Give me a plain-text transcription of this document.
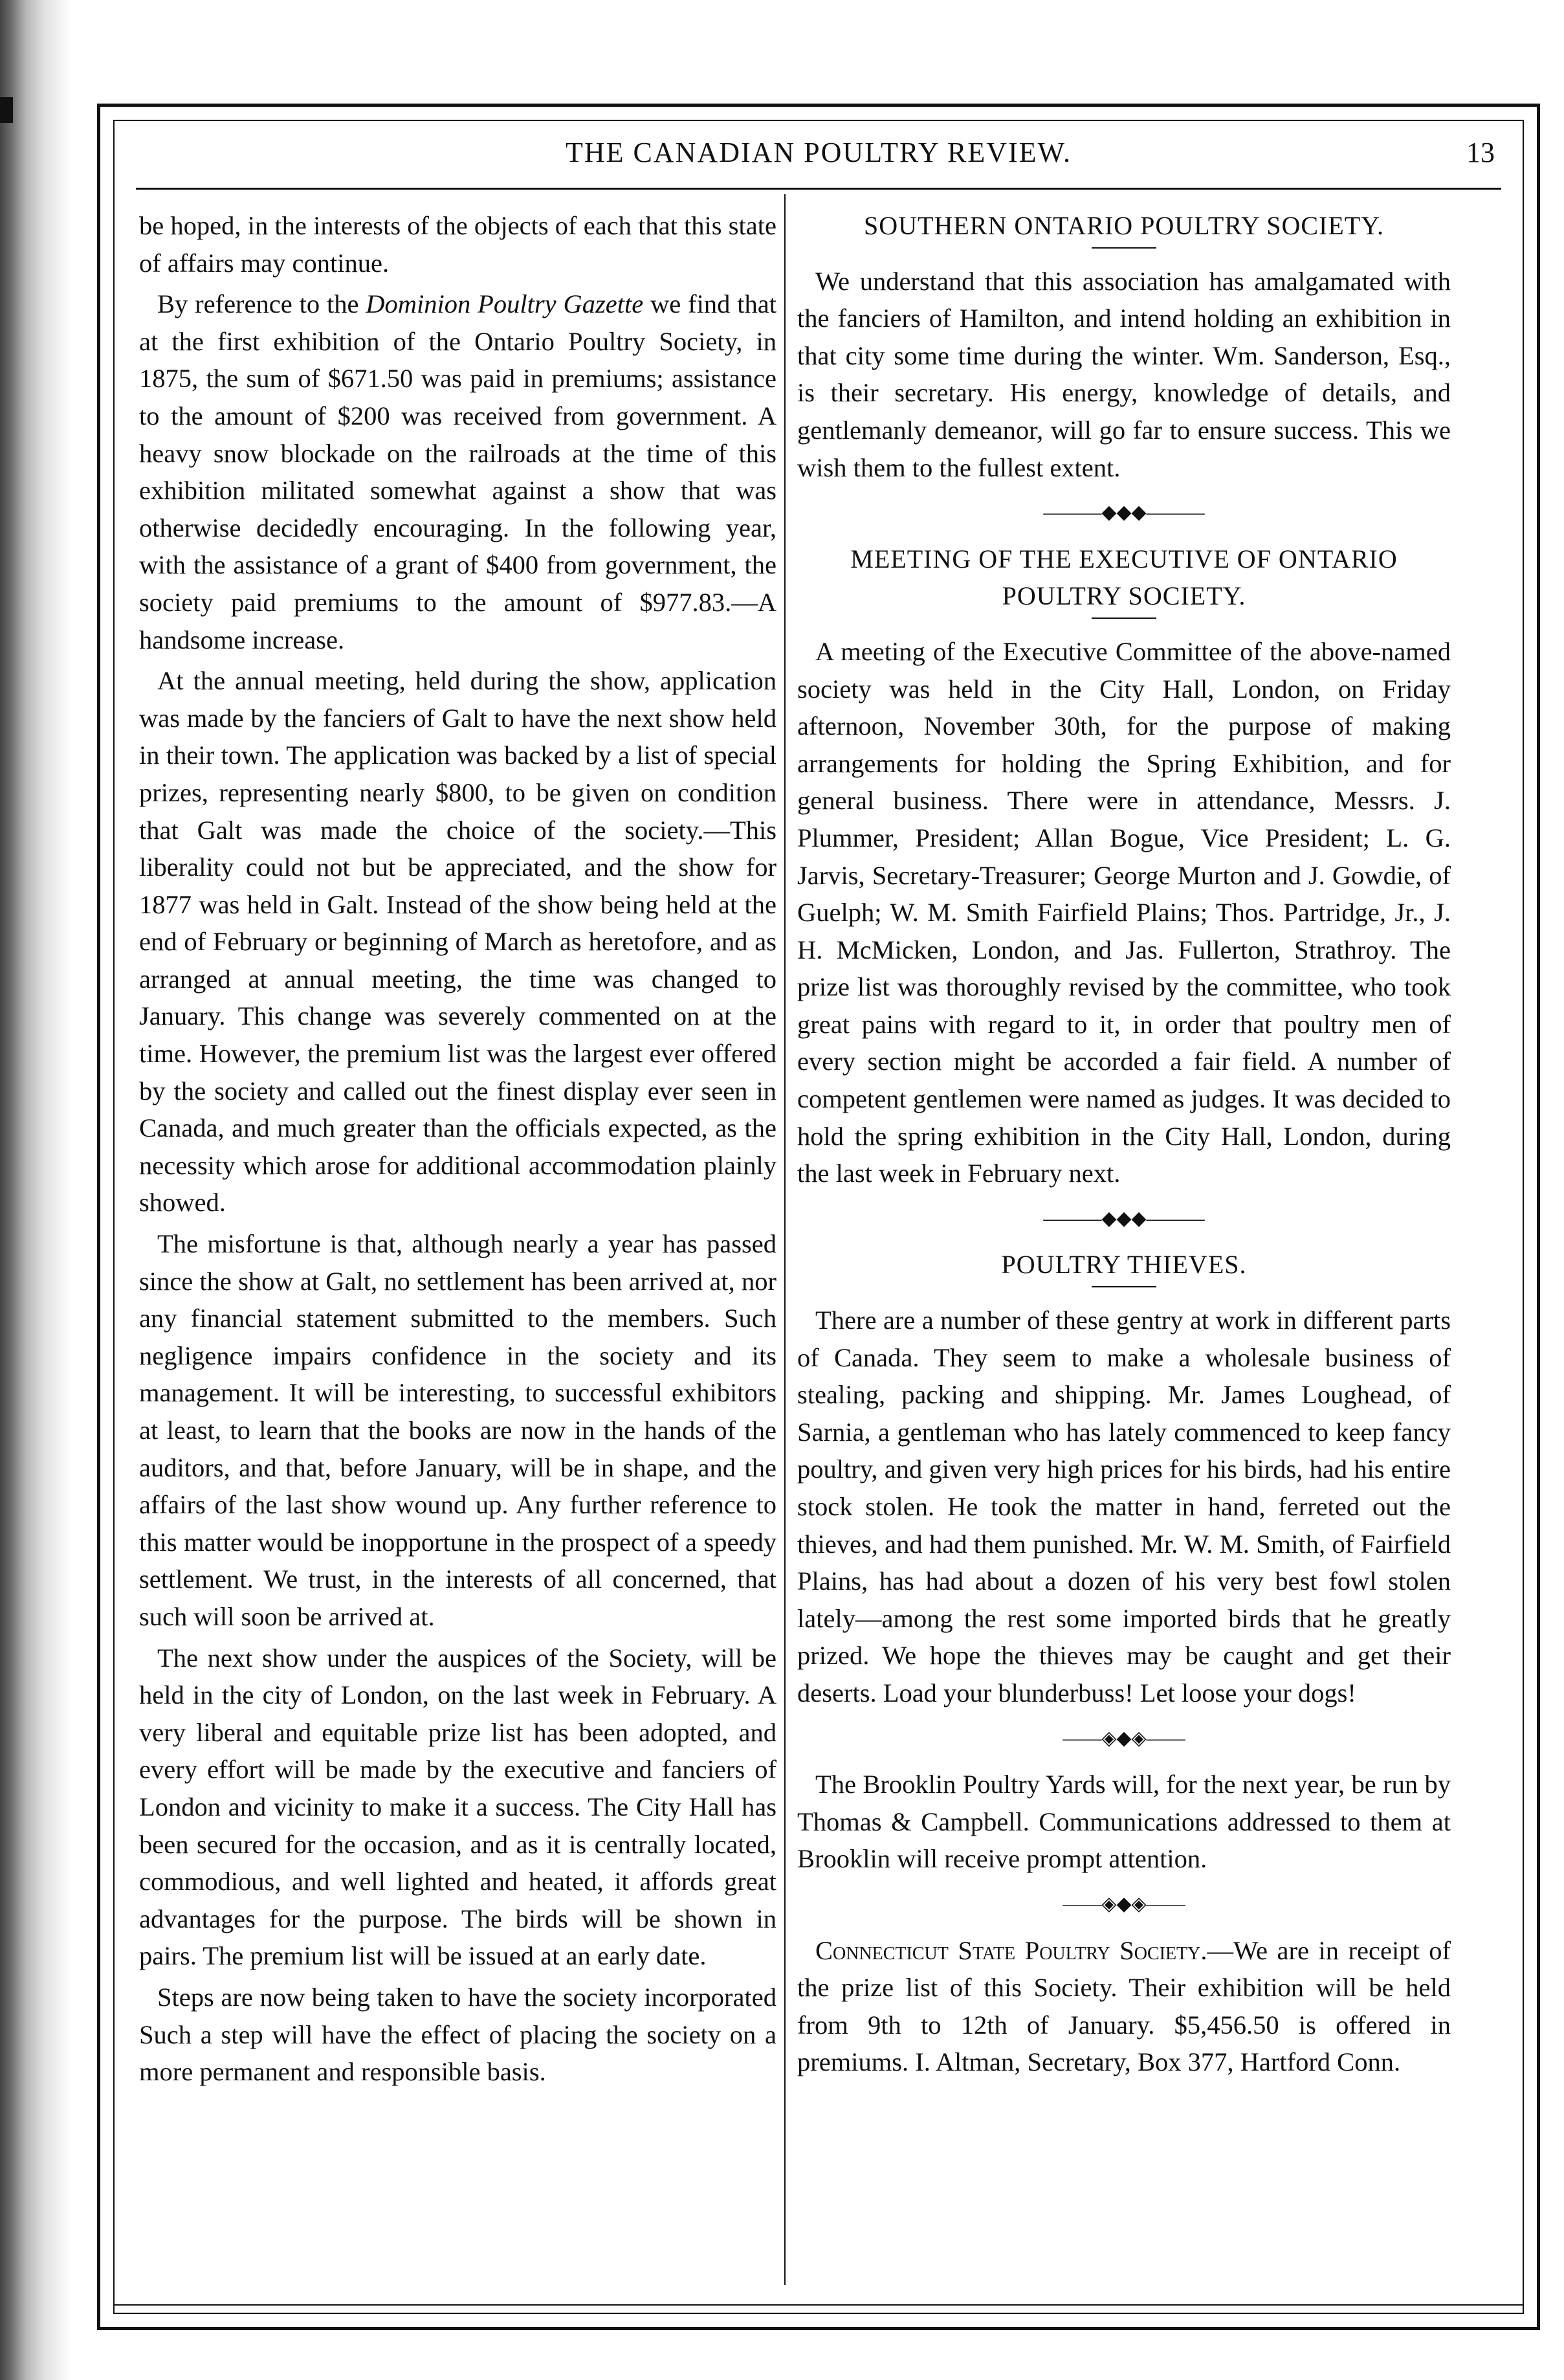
THE CANADIAN POULTRY REVIEW.	13

be hoped, in the interests of the objects of each that this state of affairs may continue.

By reference to the Dominion Poultry Gazette we find that at the first exhibition of the Ontario Poultry Society, in 1875, the sum of $671.50 was paid in premiums; assistance to the amount of $200 was received from government. A heavy snow blockade on the railroads at the time of this exhibition militated somewhat against a show that was otherwise decidedly encouraging. In the following year, with the assistance of a grant of $400 from government, the society paid premiums to the amount of $977.83.—A handsome increase.

At the annual meeting, held during the show, application was made by the fanciers of Galt to have the next show held in their town. The application was backed by a list of special prizes, representing nearly $800, to be given on condition that Galt was made the choice of the society.—This liberality could not but be appreciated, and the show for 1877 was held in Galt. Instead of the show being held at the end of February or beginning of March as heretofore, and as arranged at annual meeting, the time was changed to January. This change was severely commented on at the time. However, the premium list was the largest ever offered by the society and called out the finest display ever seen in Canada, and much greater than the officials expected, as the necessity which arose for additional accommodation plainly showed.

The misfortune is that, although nearly a year has passed since the show at Galt, no settlement has been arrived at, nor any financial statement submitted to the members. Such negligence impairs confidence in the society and its management. It will be interesting, to successful exhibitors at least, to learn that the books are now in the hands of the auditors, and that, before January, will be in shape, and the affairs of the last show wound up. Any further reference to this matter would be inopportune in the prospect of a speedy settlement. We trust, in the interests of all concerned, that such will soon be arrived at.

The next show under the auspices of the Society, will be held in the city of London, on the last week in February. A very liberal and equitable prize list has been adopted, and every effort will be made by the executive and fanciers of London and vicinity to make it a success. The City Hall has been secured for the occasion, and as it is centrally located, commodious, and well lighted and heated, it affords great advantages for the purpose. The birds will be shown in pairs. The premium list will be issued at an early date.

Steps are now being taken to have the society incorporated Such a step will have the effect of placing the society on a more permanent and responsible basis.

SOUTHERN ONTARIO POULTRY SOCIETY.

We understand that this association has amalgamated with the fanciers of Hamilton, and intend holding an exhibition in that city some time during the winter. Wm. Sanderson, Esq., is their secretary. His energy, knowledge of details, and gentlemanly demeanor, will go far to ensure success. This we wish them to the fullest extent.

———◆◆◆———
MEETING OF THE EXECUTIVE OF ONTARIO POULTRY SOCIETY.

A meeting of the Executive Committee of the above-named society was held in the City Hall, London, on Friday afternoon, November 30th, for the purpose of making arrangements for holding the Spring Exhibition, and for general business. There were in attendance, Messrs. J. Plummer, President; Allan Bogue, Vice President; L. G. Jarvis, Secretary-Treasurer; George Murton and J. Gowdie, of Guelph; W. M. Smith Fairfield Plains; Thos. Partridge, Jr., J. H. McMicken, London, and Jas. Fullerton, Strathroy. The prize list was thoroughly revised by the committee, who took great pains with regard to it, in order that poultry men of every section might be accorded a fair field. A number of competent gentlemen were named as judges. It was decided to hold the spring exhibition in the City Hall, London, during the last week in February next.

———◆◆◆———
POULTRY THIEVES.

There are a number of these gentry at work in different parts of Canada. They seem to make a wholesale business of stealing, packing and shipping. Mr. James Loughead, of Sarnia, a gentleman who has lately commenced to keep fancy poultry, and given very high prices for his birds, had his entire stock stolen. He took the matter in hand, ferreted out the thieves, and had them punished. Mr. W. M. Smith, of Fairfield Plains, has had about a dozen of his very best fowl stolen lately—among the rest some imported birds that he greatly prized. We hope the thieves may be caught and get their deserts. Load your blunderbuss! Let loose your dogs!

——◈◆◈——

The Brooklin Poultry Yards will, for the next year, be run by Thomas & Campbell. Communications addressed to them at Brooklin will receive prompt attention.

——◈◆◈——

Connecticut State Poultry Society.—We are in receipt of the prize list of this Society. Their exhibition will be held from 9th to 12th of January. $5,456.50 is offered in premiums. I. Altman, Secretary, Box 377, Hartford Conn.
